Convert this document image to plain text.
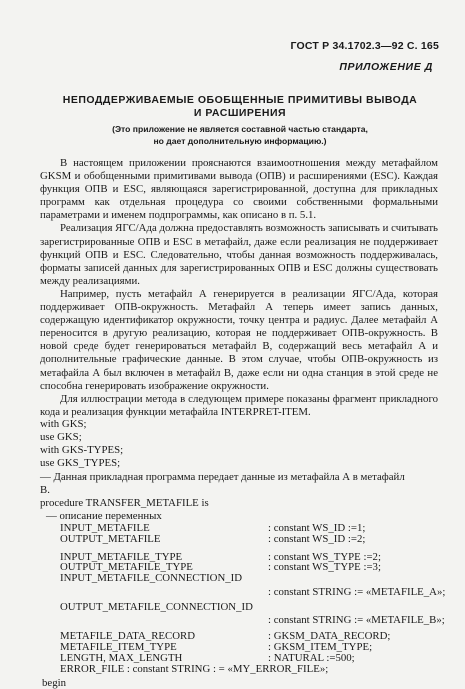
ГОСТ Р 34.1702.3—92 С. 165
ПРИЛОЖЕНИЕ Д
НЕПОДДЕРЖИВАЕМЫЕ ОБОБЩЕННЫЕ ПРИМИТИВЫ ВЫВОДА
И РАСШИРЕНИЯ
(Это приложение не является составной частью стандарта,
но дает дополнительную информацию.)

В настоящем приложении прояснаются взаимоотношения между метафайлом GKSM и обобщенными примитивами вывода (ОПВ) и расширениями (ESC). Каждая функция ОПВ и ESC, являющаяся зарегистрированной, доступна для прикладных программ как отдельная процедура со своими собственными формальными параметрами и именем подпрограммы, как описано в п. 5.1.

Реализация ЯГС/Ада должна предоставлять возможность записывать и считывать зарегистрированные ОПВ и ESC в метафайл, даже если реализация не поддерживает функций ОПВ и ESC. Следовательно, чтобы данная возможность поддерживалась, форматы записей данных для зарегистрированных ОПВ и ESC должны существовать между реализациями.

Например, пусть метафайл А генерируется в реализации ЯГС/Ада, которая поддерживает ОПВ-окружность. Метафайл А теперь имеет запись данных, содержащую идентификатор окружности, точку центра и радиус. Далее метафайл А переносится в другую реализацию, которая не поддерживает ОПВ-окружность. В новой среде будет генерироваться метафайл В, содержащий весь метафайл А и дополнительные графические данные. В этом случае, чтобы ОПВ-окружность из метафайла А был включен в метафайл В, даже если ни одна станция в этой среде не способна генерировать изображение окружности.

Для иллюстрации метода в следующем примере показаны фрагмент прикладного кода и реализация функции метафайла INTERPRET-ITEM.

with GKS;
use GKS;
with GKS-TYPES;
use GKS_TYPES;
— Данная прикладная программа передает данные из метафайла А в метафайл
B.
procedure TRANSFER_METAFILE is
— описание переменных
INPUT_METAFILE	: constant WS_ID :=1;
OUTPUT_METAFILE	: constant WS_ID :=2;
INPUT_METAFILE_TYPE	: constant WS_TYPE :=2;
OUTPUT_METAFILE_TYPE	: constant WS_TYPE :=3;
INPUT_METAFILE_CONNECTION_ID
: constant STRING := «METAFILE_A»;
OUTPUT_METAFILE_CONNECTION_ID
: constant STRING := «METAFILE_B»;
METAFILE_DATA_RECORD	: GKSM_DATA_RECORD;
METAFILE_ITEM_TYPE	: GKSM_ITEM_TYPE;
LENGTH, MAX_LENGTH	: NATURAL :=500;
ERROR_FILE : constant STRING : = «MY_ERROR_FILE»;
begin
